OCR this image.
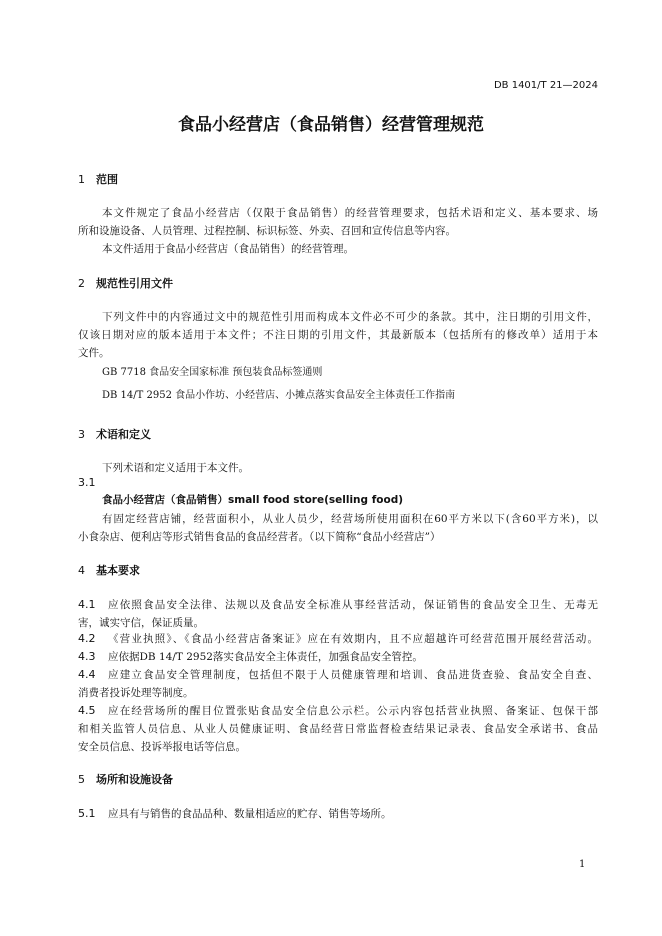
DB 1401/T 21—2024
食品小经营店（食品销售）经营管理规范
1 范围
本文件规定了食品小经营店（仅限于食品销售）的经营管理要求，包括术语和定义、基本要求、场
所和设施设备、人员管理、过程控制、标识标签、外卖、召回和宣传信息等内容。
本文件适用于食品小经营店（食品销售）的经营管理。
2 规范性引用文件
下列文件中的内容通过文中的规范性引用而构成本文件必不可少的条款。其中，注日期的引用文件，
仅该日期对应的版本适用于本文件；不注日期的引用文件，其最新版本（包括所有的修改单）适用于本
文件。
GB 7718 食品安全国家标准 预包装食品标签通则
DB 14/T 2952 食品小作坊、小经营店、小摊点落实食品安全主体责任工作指南
3 术语和定义
下列术语和定义适用于本文件。
3.1
食品小经营店（食品销售）small food store(selling food)
有固定经营店铺，经营面积小，从业人员少，经营场所使用面积在60平方米以下(含60平方米)，以
小食杂店、便利店等形式销售食品的食品经营者。（以下简称“食品小经营店”）
4 基本要求
4.1 应依照食品安全法律、法规以及食品安全标准从事经营活动，保证销售的食品安全卫生、无毒无
害，诚实守信，保证质量。
4.2 《营业执照》、《食品小经营店备案证》应在有效期内，且不应超越许可经营范围开展经营活动。
4.3 应依据DB 14/T 2952落实食品安全主体责任，加强食品安全管控。
4.4 应建立食品安全管理制度，包括但不限于人员健康管理和培训、食品进货查验、食品安全自查、
消费者投诉处理等制度。
4.5 应在经营场所的醒目位置张贴食品安全信息公示栏。公示内容包括营业执照、备案证、包保干部
和相关监管人员信息、从业人员健康证明、食品经营日常监督检查结果记录表、食品安全承诺书、食品
安全员信息、投诉举报电话等信息。
5 场所和设施设备
5.1 应具有与销售的食品品种、数量相适应的贮存、销售等场所。
1
